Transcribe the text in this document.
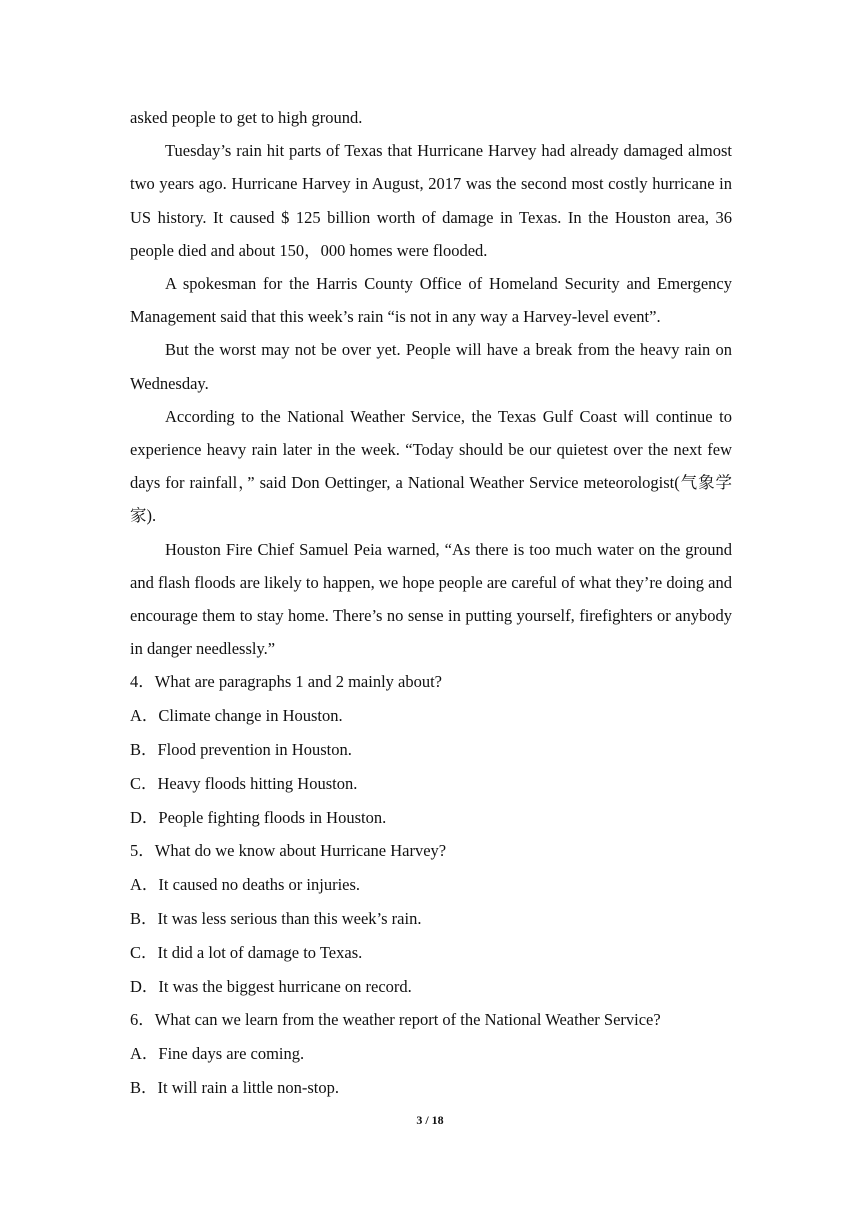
asked people to get to high ground.

Tuesday’s rain hit parts of Texas that Hurricane Harvey had already damaged almost two years ago. Hurricane Harvey in August, 2017 was the second most costly hurricane in US history. It caused $ 125 billion worth of damage in Texas. In the Houston area, 36 people died and about 150，000 homes were flooded.

A spokesman for the Harris County Office of Homeland Security and Emergency Management said that this week’s rain “is not in any way a Harvey-level event”.

But the worst may not be over yet. People will have a break from the heavy rain on Wednesday.

According to the National Weather Service, the Texas Gulf Coast will continue to experience heavy rain later in the week. “Today should be our quietest over the next few days for rainfall，” said Don Oettinger, a National Weather Service meteorologist(气象学家).

Houston Fire Chief Samuel Peia warned, “As there is too much water on the ground and flash floods are likely to happen, we hope people are careful of what they’re doing and encourage them to stay home. There’s no sense in putting yourself, firefighters or anybody in danger needlessly.”

4．What are paragraphs 1 and 2 mainly about?

A．Climate change in Houston.

B．Flood prevention in Houston.

C．Heavy floods hitting Houston.

D．People fighting floods in Houston.

5．What do we know about Hurricane Harvey?

A．It caused no deaths or injuries.

B．It was less serious than this week’s rain.

C．It did a lot of damage to Texas.

D．It was the biggest hurricane on record.

6．What can we learn from the weather report of the National Weather Service?

A．Fine days are coming.

B．It will rain a little non-stop.

3 / 18
